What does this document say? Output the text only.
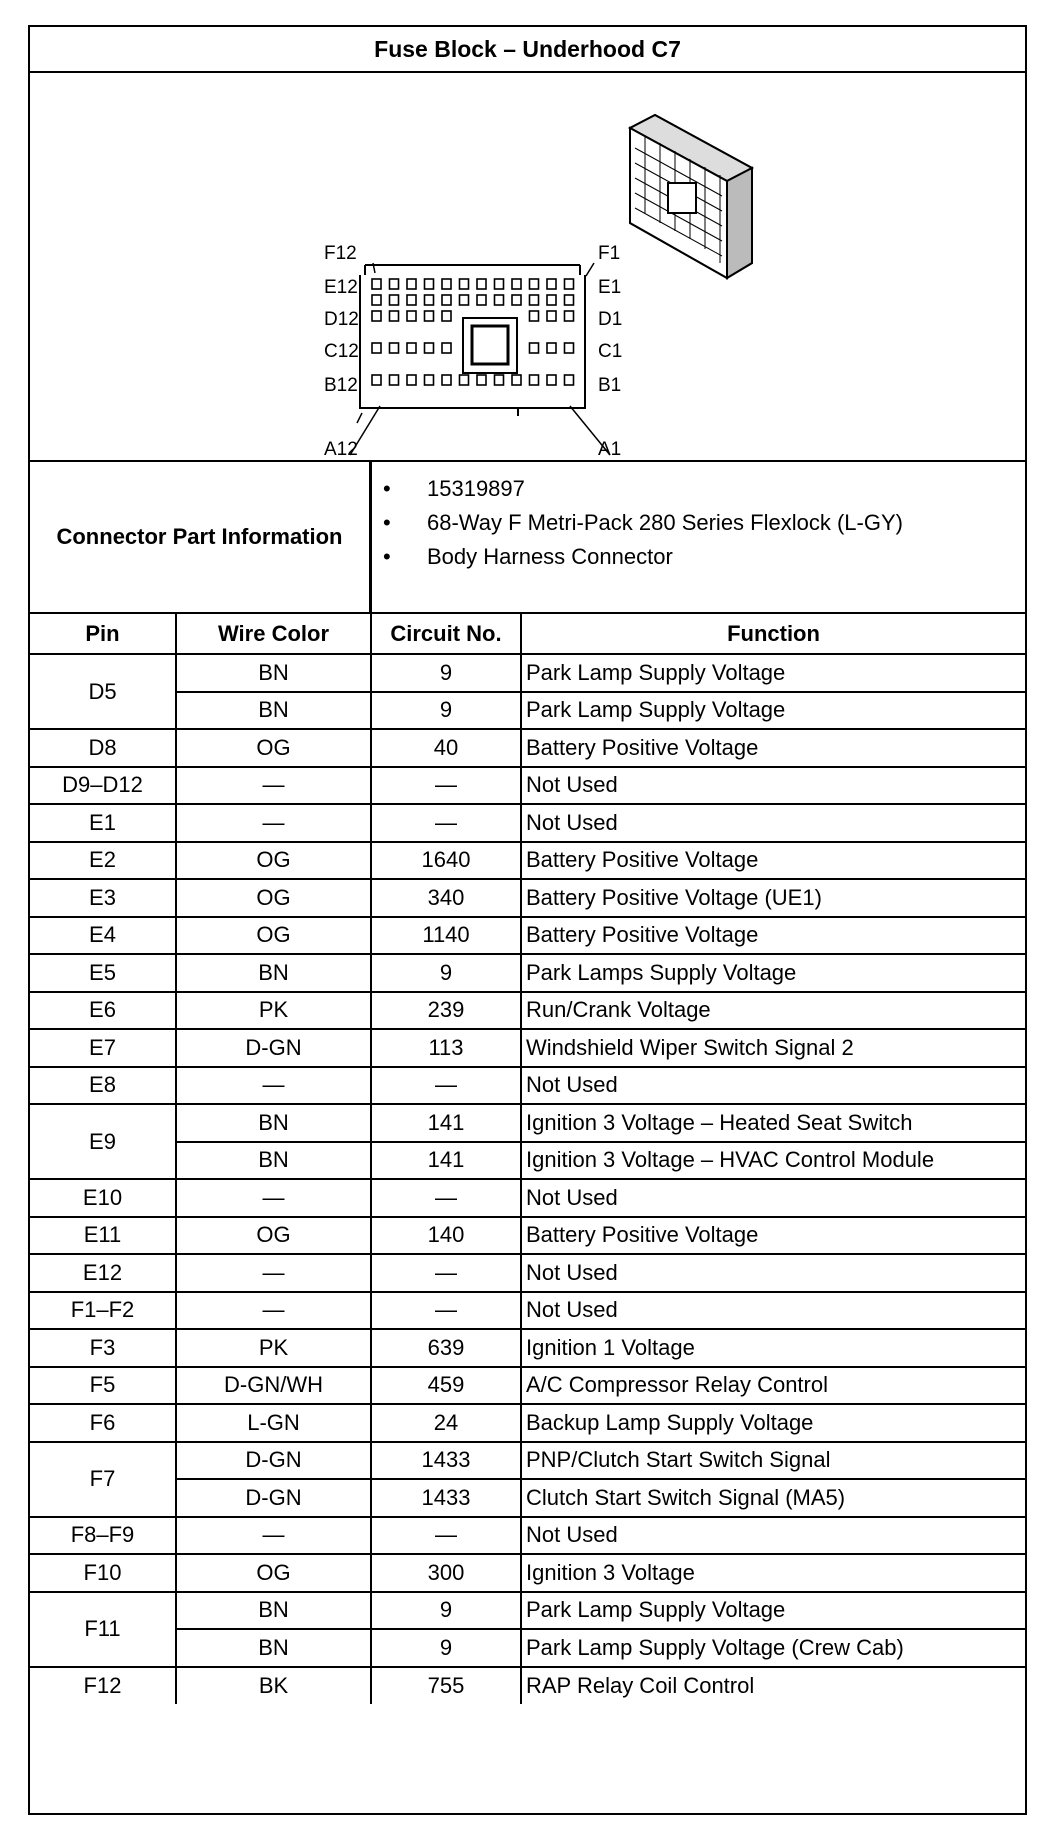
Fuse Block – Underhood C7
F12
E12
D12
C12
B12
A12
F1
E1
D1
C1
B1
A1
Connector Part Information
• 15319897
• 68-Way F Metri-Pack 280 Series Flexlock (L-GY)
• Body Harness Connector
Pin	Wire Color	Circuit No.	Function
D5	BN	9	Park Lamp Supply Voltage
	BN	9	Park Lamp Supply Voltage
D8	OG	40	Battery Positive Voltage
D9–D12	—	—	Not Used
E1	—	—	Not Used
E2	OG	1640	Battery Positive Voltage
E3	OG	340	Battery Positive Voltage (UE1)
E4	OG	1140	Battery Positive Voltage
E5	BN	9	Park Lamps Supply Voltage
E6	PK	239	Run/Crank Voltage
E7	D-GN	113	Windshield Wiper Switch Signal 2
E8	—	—	Not Used
E9	BN	141	Ignition 3 Voltage – Heated Seat Switch
	BN	141	Ignition 3 Voltage – HVAC Control Module
E10	—	—	Not Used
E11	OG	140	Battery Positive Voltage
E12	—	—	Not Used
F1–F2	—	—	Not Used
F3	PK	639	Ignition 1 Voltage
F5	D-GN/WH	459	A/C Compressor Relay Control
F6	L-GN	24	Backup Lamp Supply Voltage
F7	D-GN	1433	PNP/Clutch Start Switch Signal
	D-GN	1433	Clutch Start Switch Signal (MA5)
F8–F9	—	—	Not Used
F10	OG	300	Ignition 3 Voltage
F11	BN	9	Park Lamp Supply Voltage
	BN	9	Park Lamp Supply Voltage (Crew Cab)
F12	BK	755	RAP Relay Coil Control
